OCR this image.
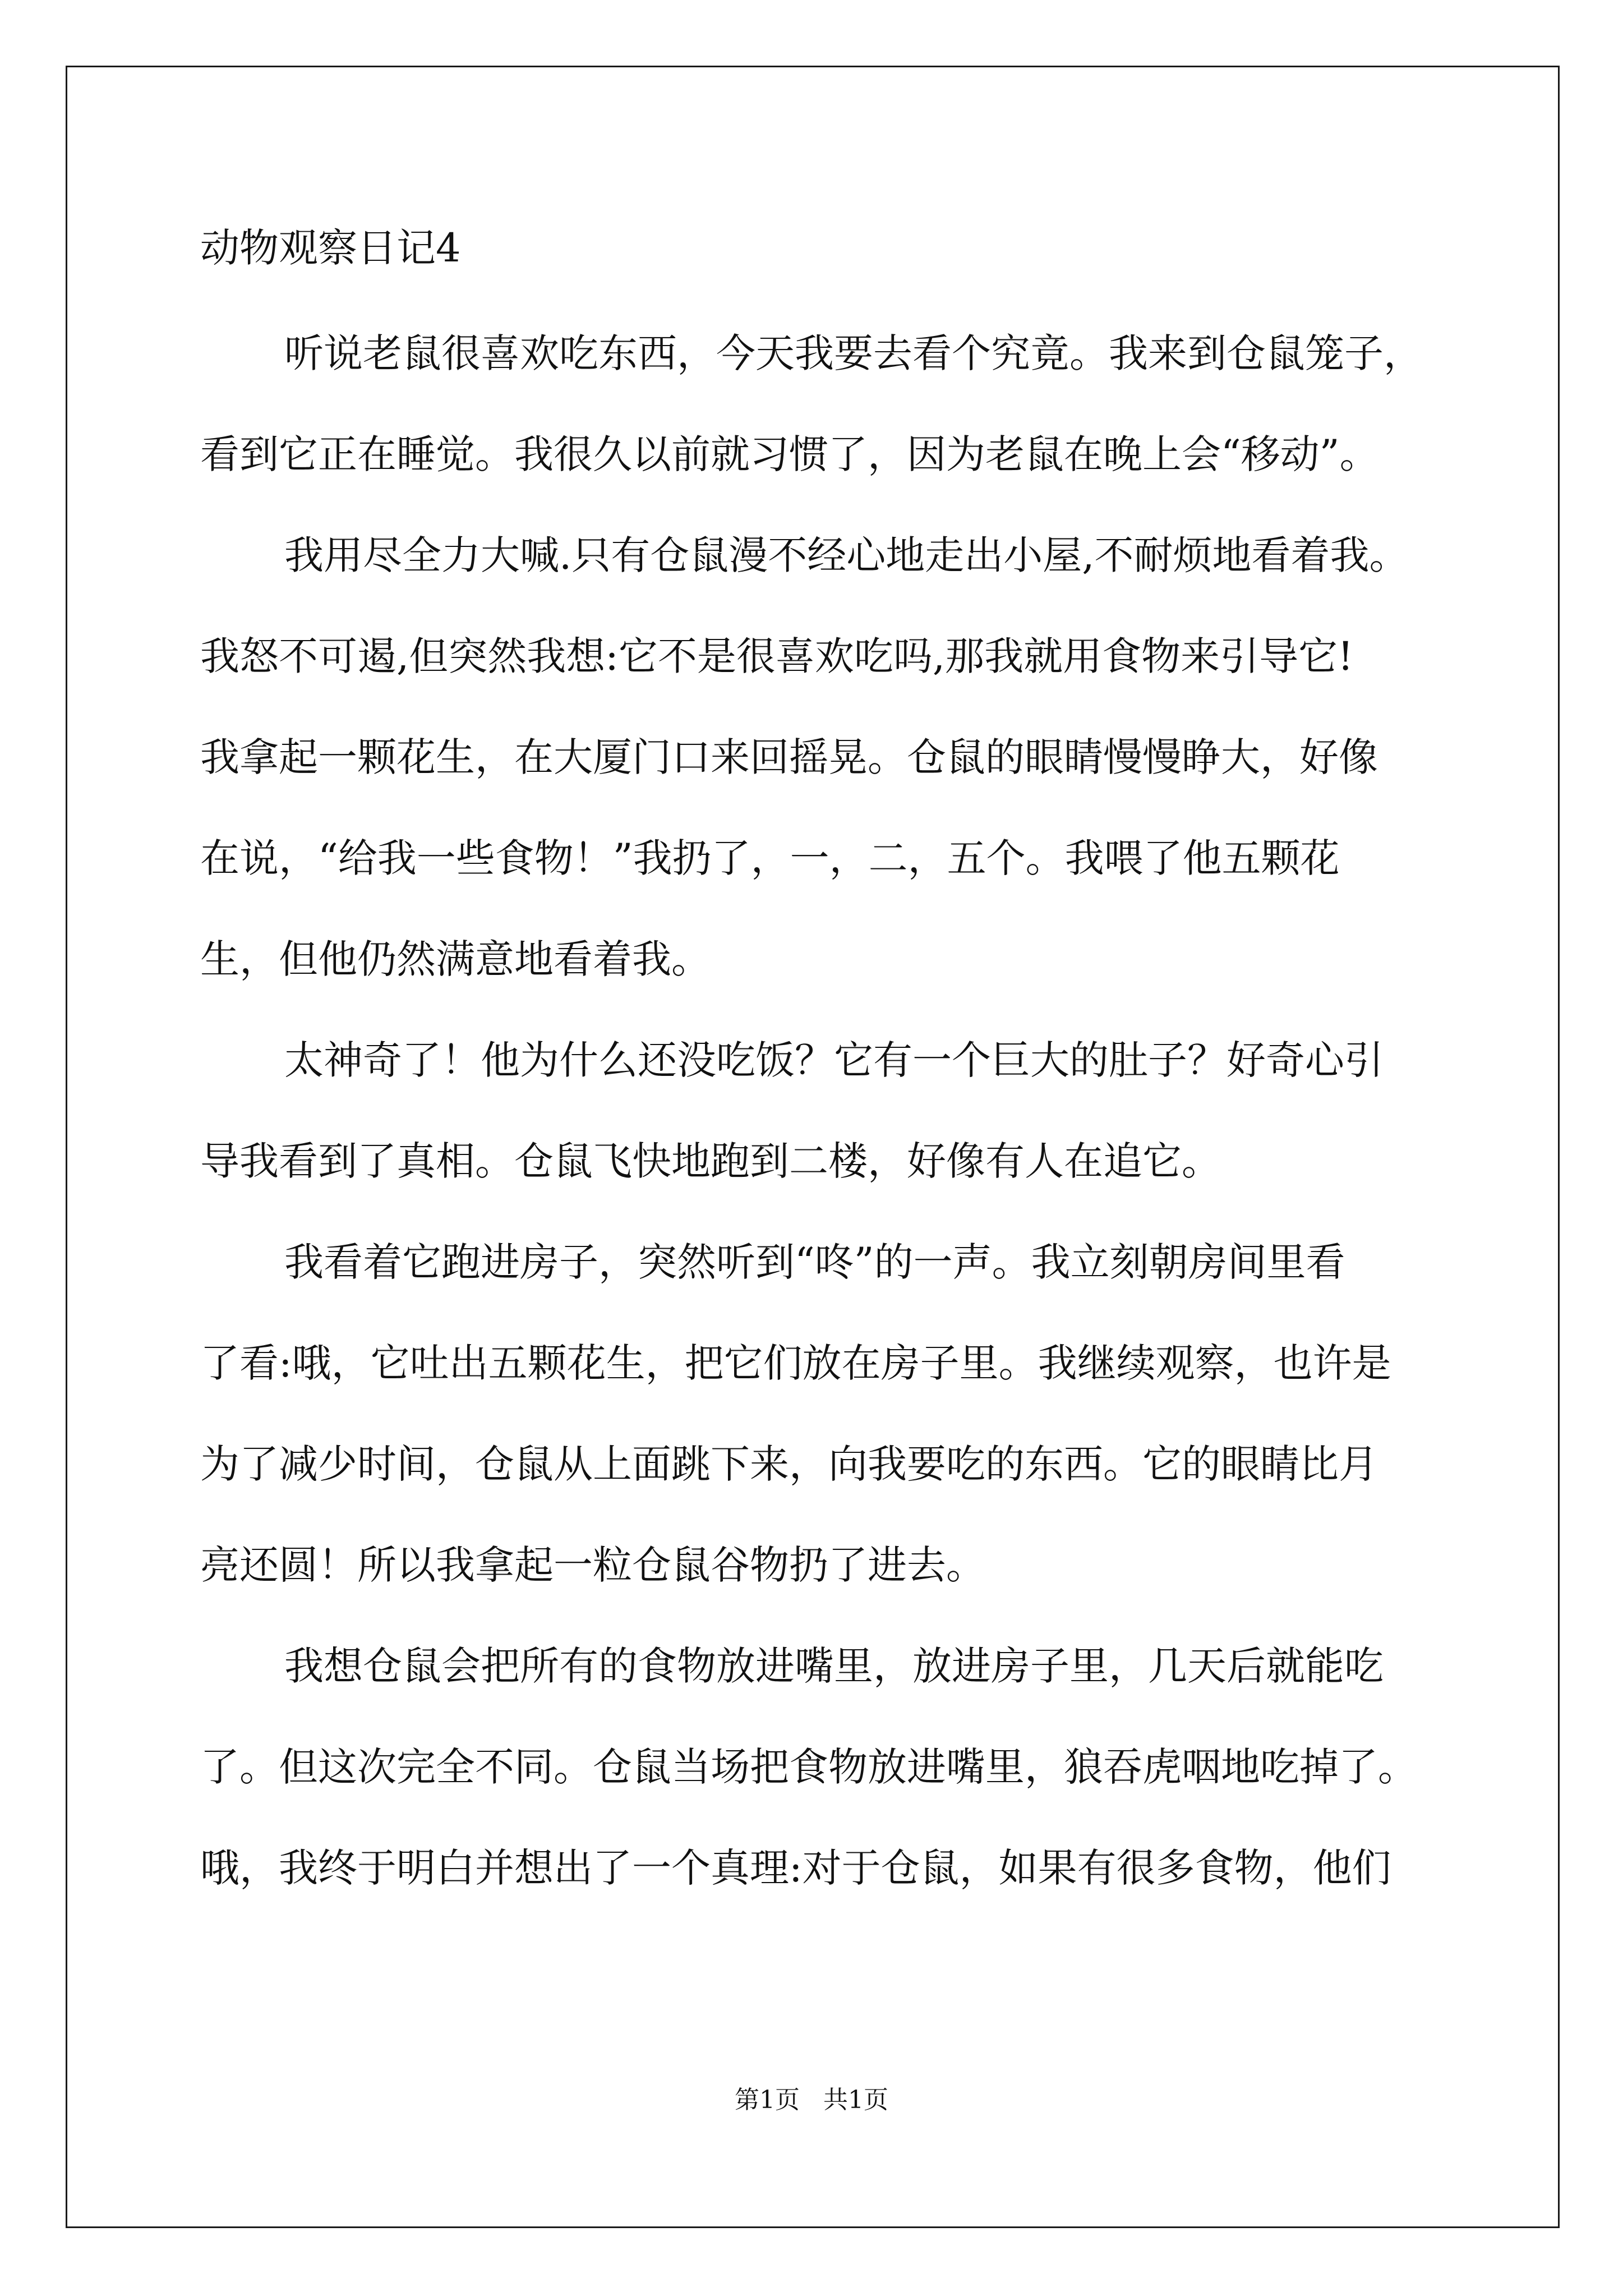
动物观察日记4

听说老鼠很喜欢吃东西，今天我要去看个究竟。我来到仓鼠笼子，

看到它正在睡觉。我很久以前就习惯了，因为老鼠在晚上会“移动”。

我用尽全力大喊.只有仓鼠漫不经心地走出小屋,不耐烦地看着我。

我怒不可遏,但突然我想:它不是很喜欢吃吗,那我就用食物来引导它!

我拿起一颗花生，在大厦门口来回摇晃。仓鼠的眼睛慢慢睁大，好像

在说，“给我一些食物！”我扔了，一，二，五个。我喂了他五颗花

生，但他仍然满意地看着我。

太神奇了！他为什么还没吃饭？它有一个巨大的肚子？好奇心引

导我看到了真相。仓鼠飞快地跑到二楼，好像有人在追它。

我看着它跑进房子，突然听到“咚”的一声。我立刻朝房间里看

了看:哦，它吐出五颗花生，把它们放在房子里。我继续观察，也许是

为了减少时间，仓鼠从上面跳下来，向我要吃的东西。它的眼睛比月

亮还圆！所以我拿起一粒仓鼠谷物扔了进去。

我想仓鼠会把所有的食物放进嘴里，放进房子里，几天后就能吃

了。但这次完全不同。仓鼠当场把食物放进嘴里，狼吞虎咽地吃掉了。

哦，我终于明白并想出了一个真理:对于仓鼠，如果有很多食物，他们

第1页   共1页
